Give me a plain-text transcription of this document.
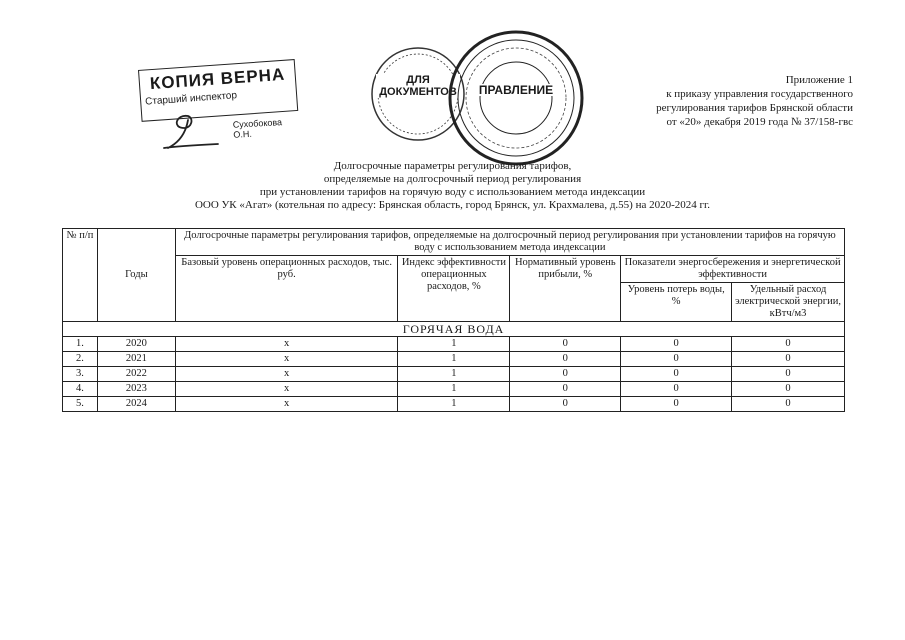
КОПИЯ ВЕРНА
Старший инспектор
Сухобокова О.Н.
ДЛЯ ДОКУМЕНТОВ	ПРАВЛЕНИЕ
Приложение 1
к приказу управления государственного
регулирования тарифов Брянской области
от «20» декабря 2019 года № 37/158-гвс
Долгосрочные параметры регулирования тарифов,
определяемые на долгосрочный период регулирования
при установлении тарифов на горячую воду с использованием метода индексации
ООО УК «Агат» (котельная по адресу: Брянская область, город Брянск, ул. Крахмалева, д.55) на 2020-2024 гг.
№ п/п	Годы	Долгосрочные параметры регулирования тарифов, определяемые на долгосрочный период регулирования при установлении тарифов на горячую воду с использованием метода индексации				
		Базовый уровень операционных расходов, тыс. руб.	Индекс эффективности операционных расходов, %	Нормативный уровень прибыли, %	Показатели энергосбережения и энергетической эффективности	
					Уровень потерь воды, %	Удельный расход электрической энергии, кВтч/м3
ГОРЯЧАЯ ВОДА						
1.	2020	х	1	0	0	0
2.	2021	х	1	0	0	0
3.	2022	х	1	0	0	0
4.	2023	х	1	0	0	0
5.	2024	х	1	0	0	0
